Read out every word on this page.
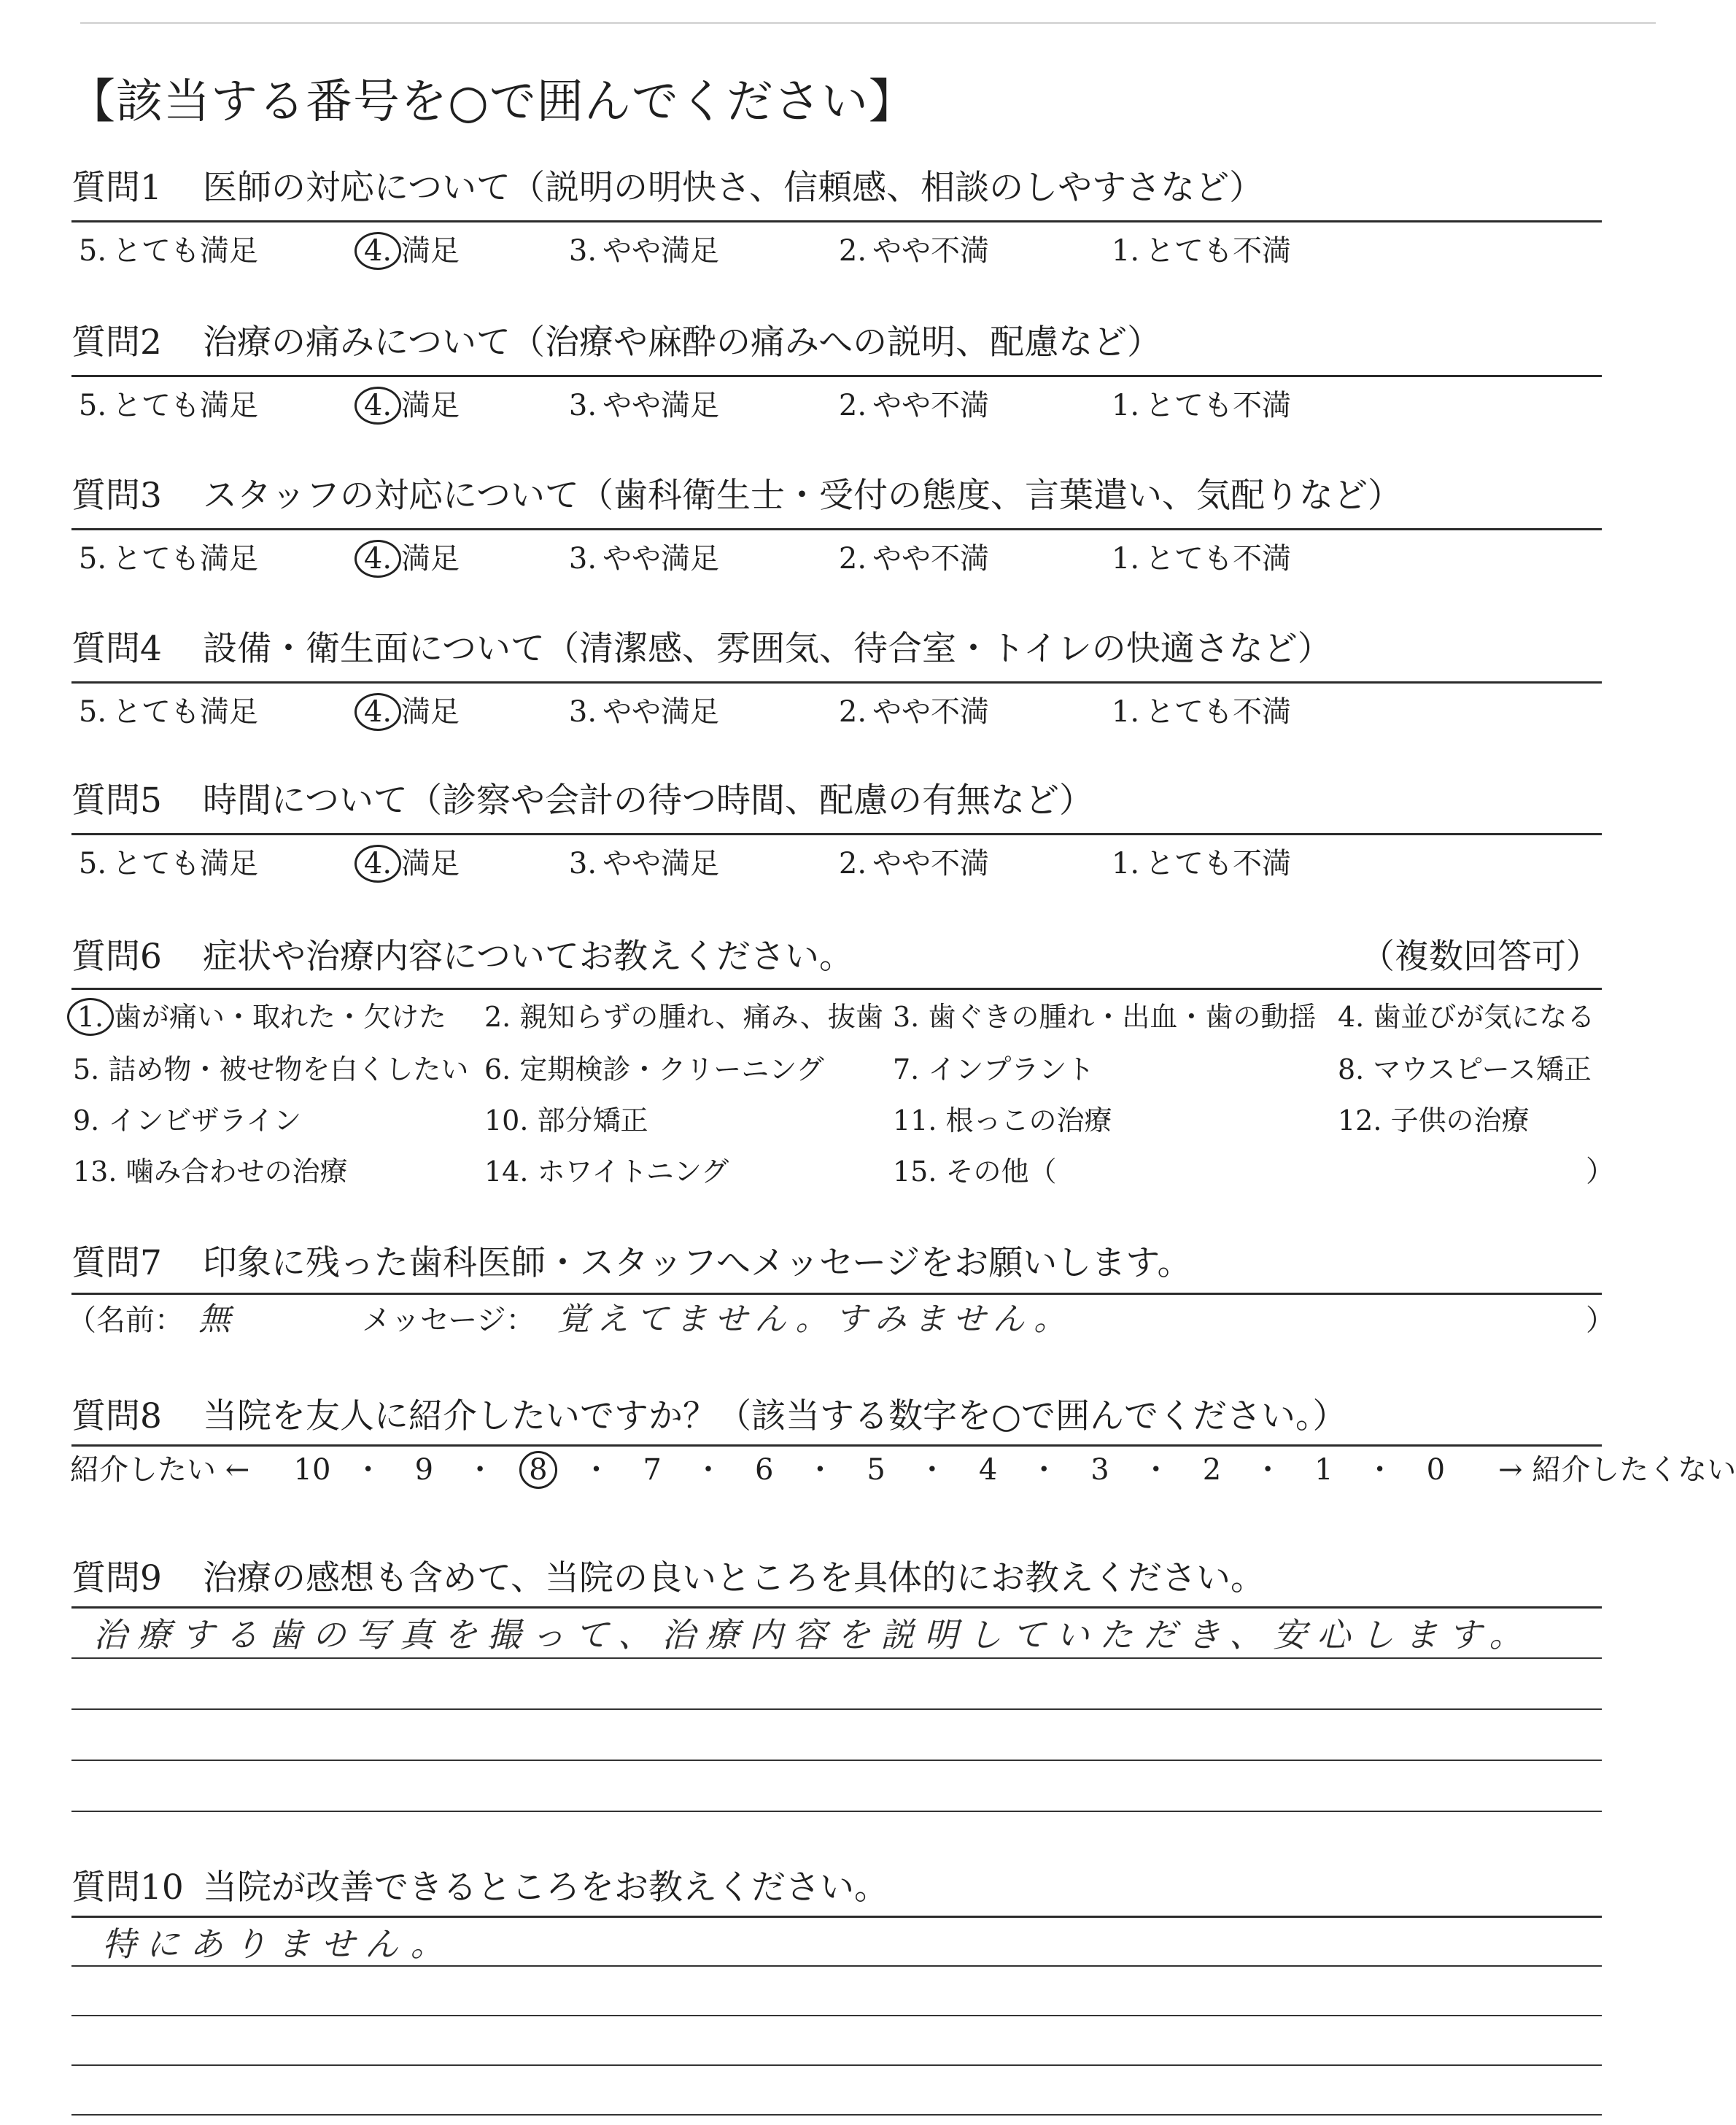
【該当する番号を○で囲んでください】
質問1 医師の対応について（説明の明快さ、信頼感、相談のしやすさなど）
5. とても満足	4. 満足	3. やや満足	2. やや不満	1. とても不満
質問2 治療の痛みについて（治療や麻酔の痛みへの説明、配慮など）
5. とても満足	4. 満足	3. やや満足	2. やや不満	1. とても不満
質問3 スタッフの対応について（歯科衛生士・受付の態度、言葉遣い、気配りなど）
5. とても満足	4. 満足	3. やや満足	2. やや不満	1. とても不満
質問4 設備・衛生面について（清潔感、雰囲気、待合室・トイレの快適さなど）
5. とても満足	4. 満足	3. やや満足	2. やや不満	1. とても不満
質問5 時間について（診察や会計の待つ時間、配慮の有無など）
5. とても満足	4. 満足	3. やや満足	2. やや不満	1. とても不満
質問6 症状や治療内容についてお教えください。	（複数回答可）
1. 歯が痛い・取れた・欠けた 2. 親知らずの腫れ、痛み、抜歯 3. 歯ぐきの腫れ・出血・歯の動揺 4. 歯並びが気になる
5. 詰め物・被せ物を白くしたい 6. 定期検診・クリーニング 7. インプラント	8. マウスピース矯正
9. インビザライン	10. 部分矯正	11. 根っこの治療	12. 子供の治療
13. 噛み合わせの治療	14. ホワイトニング	15. その他（	）
質問7 印象に残った歯科医師・スタッフへメッセージをお願いします。
（名前： 無	メッセージ： 覚えてません。すみません。	）
質問8 当院を友人に紹介したいですか？（該当する数字を○で囲んでください。）
紹介したい ← 10 ・ 9 ・ 8 ・ 7 ・ 6 ・ 5 ・ 4 ・ 3 ・ 2 ・ 1 ・ 0 → 紹介したくない
質問9 治療の感想も含めて、当院の良いところを具体的にお教えください。
治療する歯の写真を撮って、治療内容を説明していただき、安心します。
質問10 当院が改善できるところをお教えください。
特にありません。
